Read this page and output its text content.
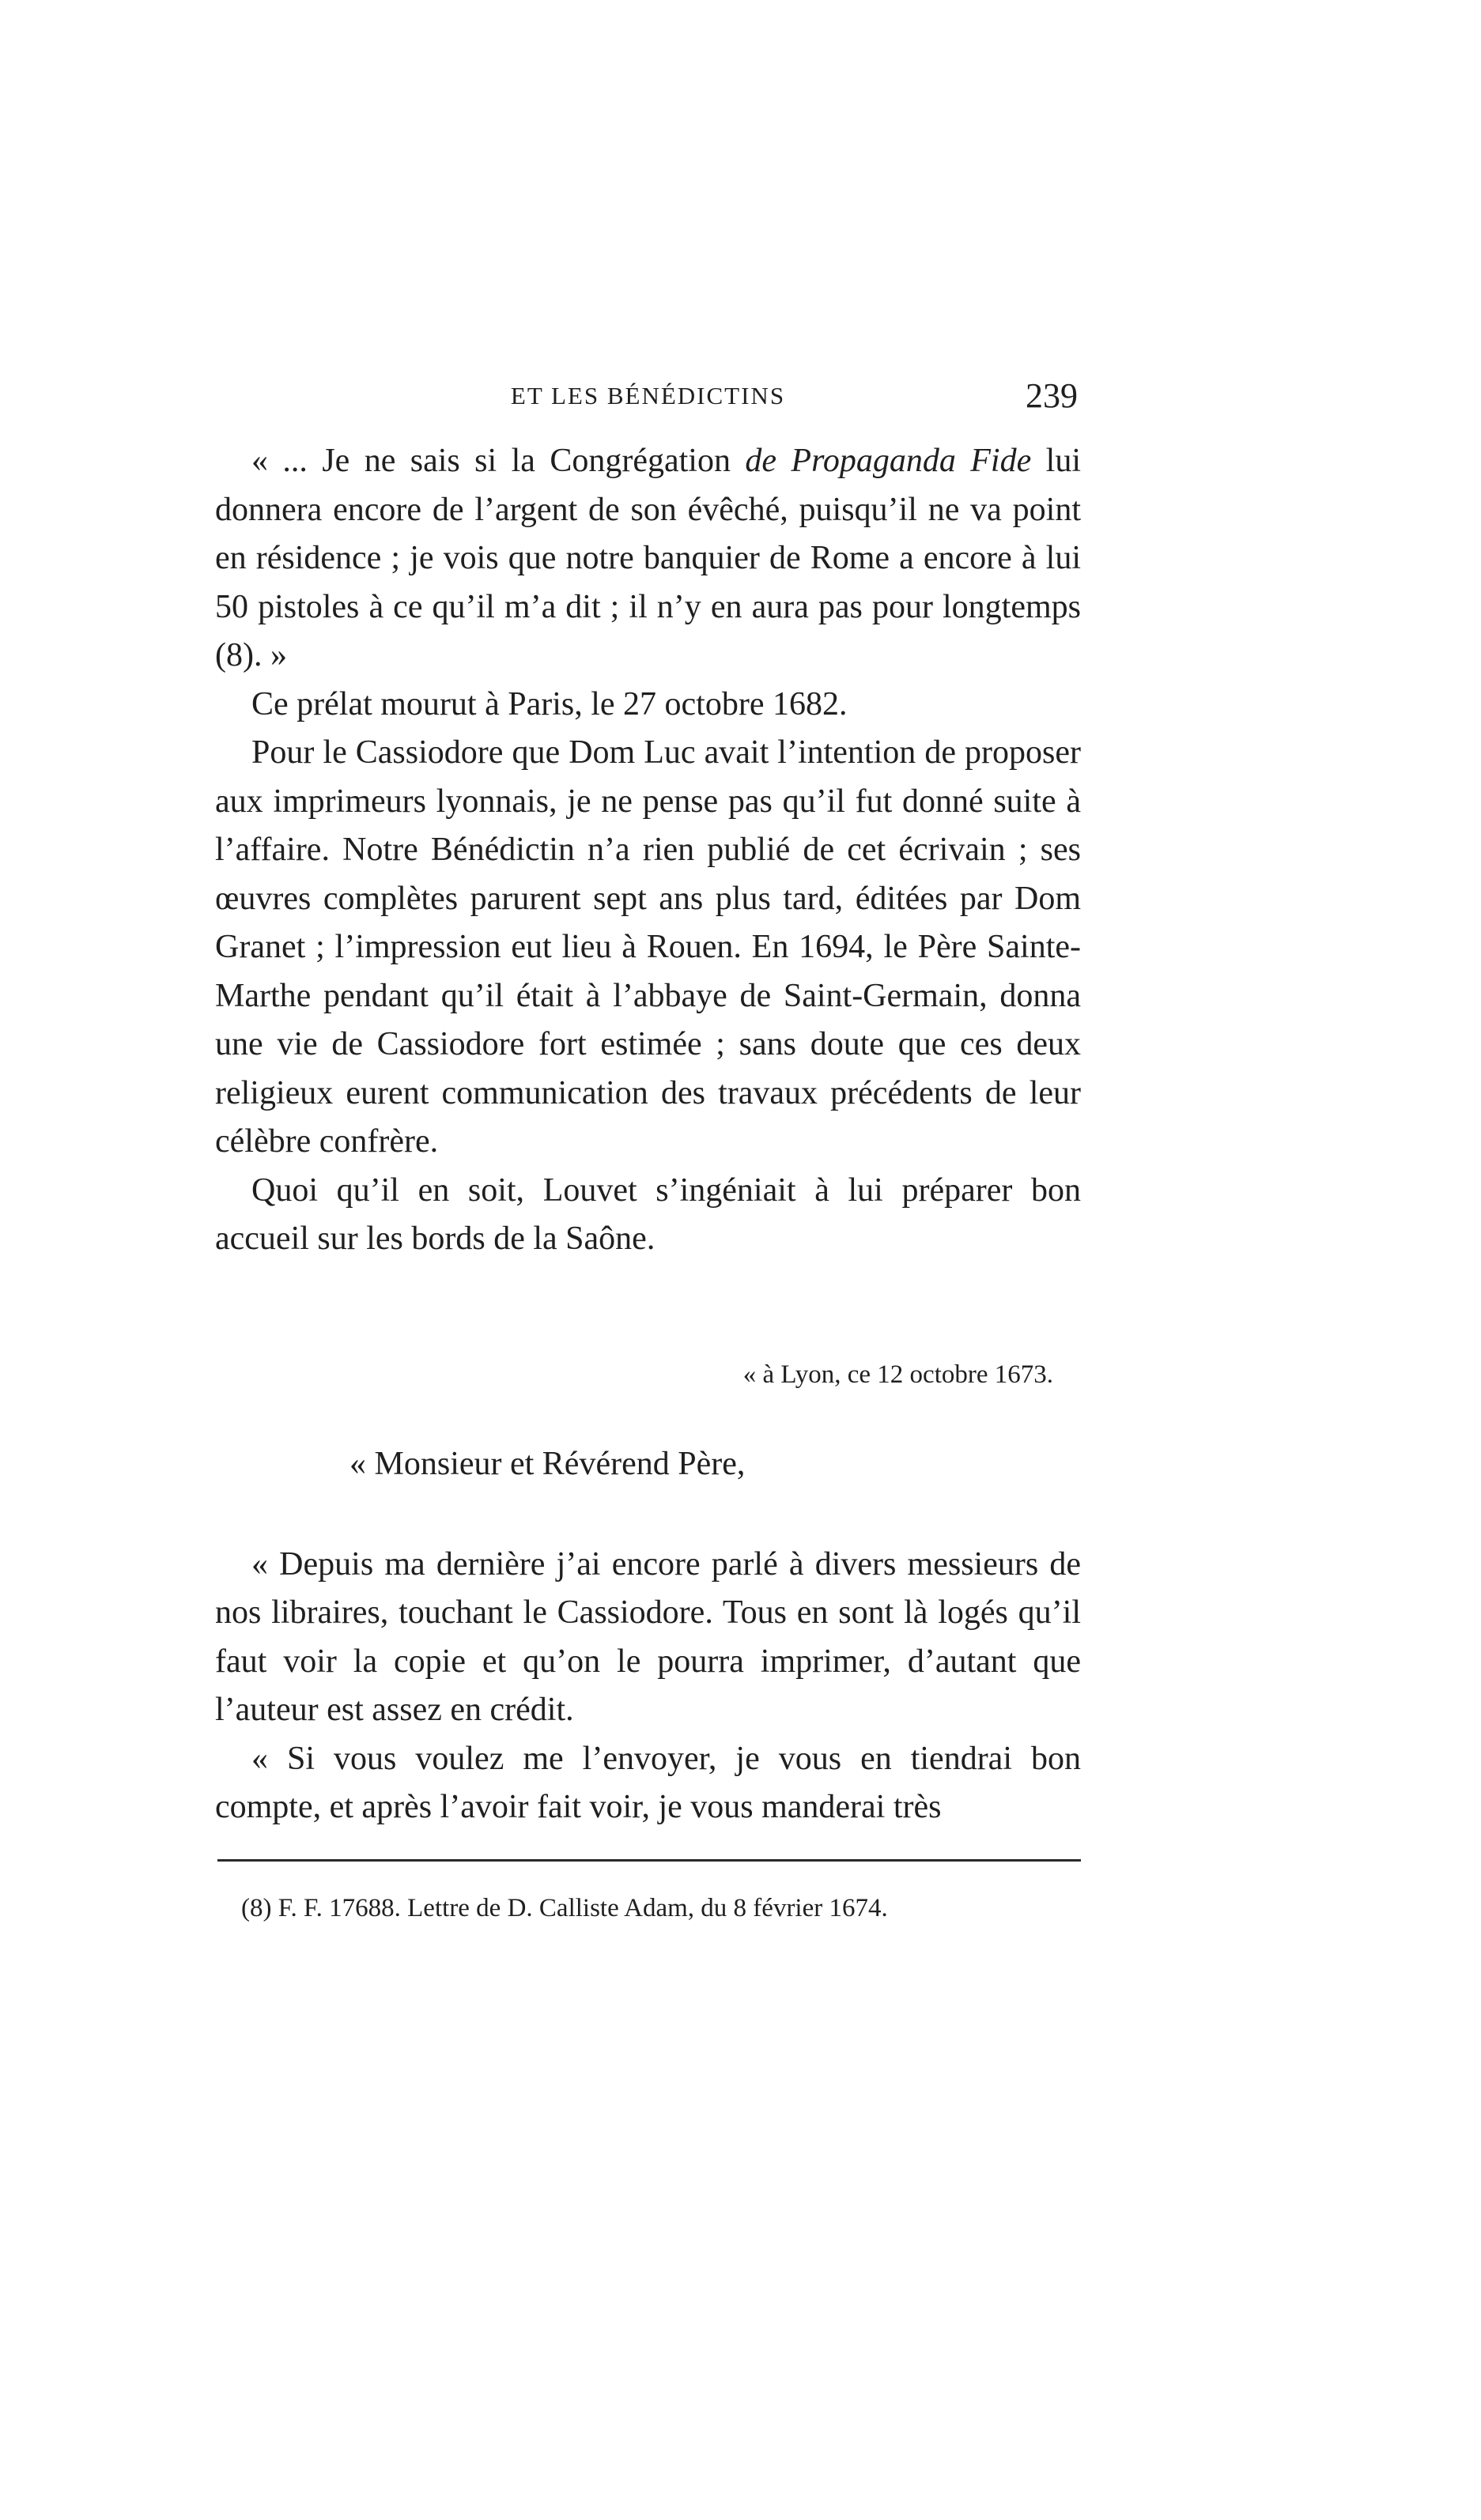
ET LES BÉNÉDICTINS	239

« ... Je ne sais si la Congrégation de Propaganda Fide lui donnera encore de l’argent de son évêché, puisqu’il ne va point en résidence ; je vois que notre banquier de Rome a encore à lui 50 pistoles à ce qu’il m’a dit ; il n’y en aura pas pour longtemps (8). »

Ce prélat mourut à Paris, le 27 octobre 1682.

Pour le Cassiodore que Dom Luc avait l’intention de proposer aux imprimeurs lyonnais, je ne pense pas qu’il fut donné suite à l’affaire. Notre Bénédictin n’a rien publié de cet écrivain ; ses œuvres complètes parurent sept ans plus tard, éditées par Dom Granet ; l’impression eut lieu à Rouen. En 1694, le Père Sainte-Marthe pendant qu’il était à l’abbaye de Saint-Germain, donna une vie de Cassiodore fort estimée ; sans doute que ces deux religieux eurent communication des travaux précédents de leur célèbre confrère.

Quoi qu’il en soit, Louvet s’ingéniait à lui préparer bon accueil sur les bords de la Saône.

« à Lyon, ce 12 octobre 1673.

« Monsieur et Révérend Père,

« Depuis ma dernière j’ai encore parlé à divers messieurs de nos libraires, touchant le Cassiodore. Tous en sont là logés qu’il faut voir la copie et qu’on le pourra imprimer, d’autant que l’auteur est assez en crédit.

« Si vous voulez me l’envoyer, je vous en tiendrai bon compte, et après l’avoir fait voir, je vous manderai très

(8) F. F. 17688. Lettre de D. Calliste Adam, du 8 février 1674.
